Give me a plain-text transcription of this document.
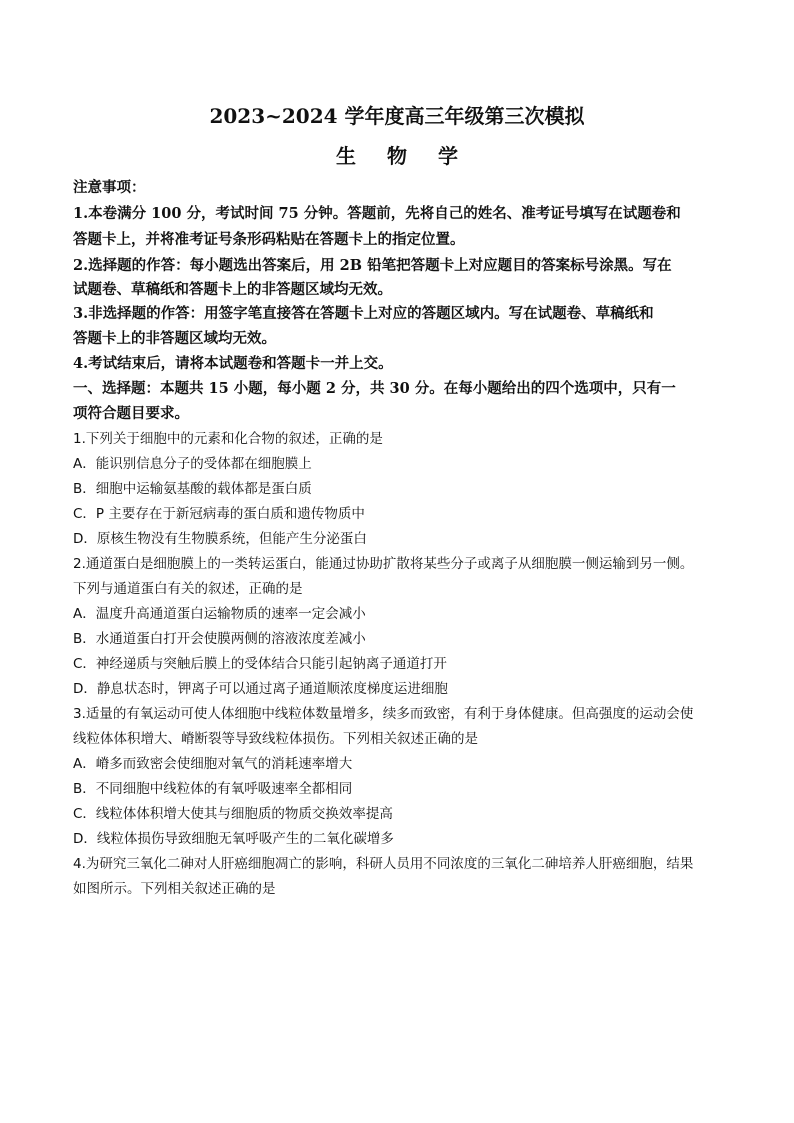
2023~2024 学年度高三年级第三次模拟
生 物 学
注意事项：
1.本卷满分 100 分，考试时间 75 分钟。答题前，先将自己的姓名、准考证号填写在试题卷和
答题卡上，并将准考证号条形码粘贴在答题卡上的指定位置。
2.选择题的作答：每小题选出答案后，用 2B 铅笔把答题卡上对应题目的答案标号涂黑。写在
试题卷、草稿纸和答题卡上的非答题区域均无效。
3.非选择题的作答：用签字笔直接答在答题卡上对应的答题区域内。写在试题卷、草稿纸和
答题卡上的非答题区域均无效。
4.考试结束后，请将本试题卷和答题卡一并上交。
一、选择题：本题共 15 小题，每小题 2 分，共 30 分。在每小题给出的四个选项中，只有一
项符合题目要求。
1.下列关于细胞中的元素和化合物的叙述，正确的是
A．能识别信息分子的受体都在细胞膜上
B．细胞中运输氨基酸的载体都是蛋白质
C．P 主要存在于新冠病毒的蛋白质和遗传物质中
D．原核生物没有生物膜系统，但能产生分泌蛋白
2.通道蛋白是细胞膜上的一类转运蛋白，能通过协助扩散将某些分子或离子从细胞膜一侧运输到另一侧。
下列与通道蛋白有关的叙述，正确的是
A．温度升高通道蛋白运输物质的速率一定会减小
B．水通道蛋白打开会使膜两侧的溶液浓度差减小
C．神经递质与突触后膜上的受体结合只能引起钠离子通道打开
D．静息状态时，钾离子可以通过离子通道顺浓度梯度运进细胞
3.适量的有氧运动可使人体细胞中线粒体数量增多，续多而致密，有利于身体健康。但高强度的运动会使
线粒体体积增大、嵴断裂等导致线粒体损伤。下列相关叙述正确的是
A．嵴多而致密会使细胞对氧气的消耗速率增大
B．不同细胞中线粒体的有氧呼吸速率全都相同
C．线粒体体积增大使其与细胞质的物质交换效率提高
D．线粒体损伤导致细胞无氧呼吸产生的二氧化碳增多
4.为研究三氧化二砷对人肝癌细胞凋亡的影响，科研人员用不同浓度的三氧化二砷培养人肝癌细胞，结果
如图所示。下列相关叙述正确的是
